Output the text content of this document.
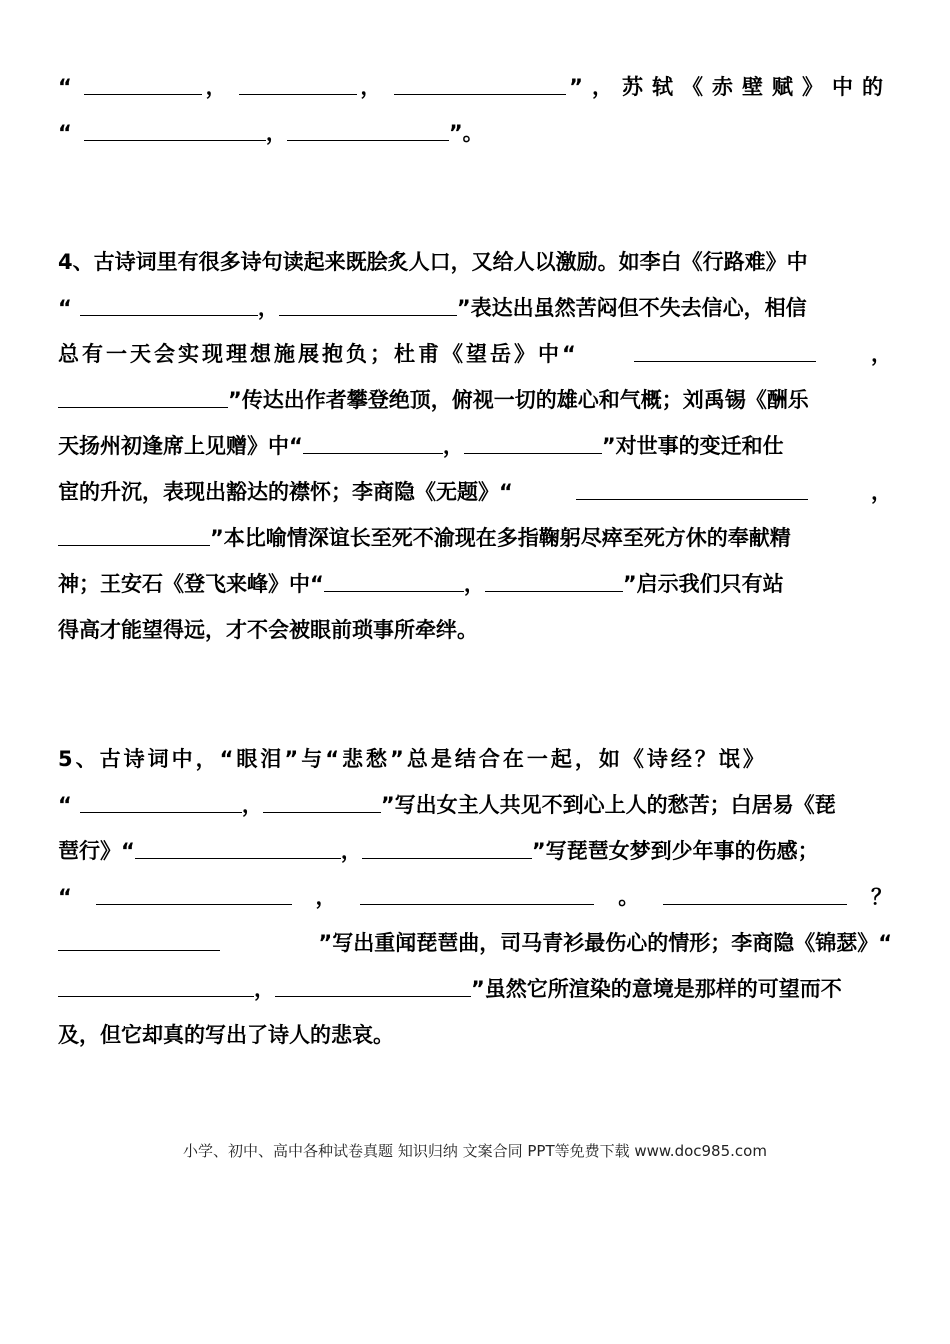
“	，	，	”，苏轼《赤壁赋》中的
“	，	”。
4、古诗词里有很多诗句读起来既脍炙人口，又给人以激励。如李白《行路难》中
“	，	”表达出虽然苦闷但不失去信心，相信
总有一天会实现理想施展抱负；杜甫《望岳》中“	，
”传达出作者攀登绝顶，俯视一切的雄心和气概；刘禹锡《酬乐
天扬州初逢席上见赠》中“	，	”对世事的变迁和仕
宦的升沉，表现出豁达的襟怀；李商隐《无题》“	，
”本比喻情深谊长至死不渝现在多指鞠躬尽瘁至死方休的奉献精
神；王安石《登飞来峰》中“	，	”启示我们只有站
得高才能望得远，才不会被眼前琐事所牵绊。
5、古诗词中，“眼泪”与“悲愁”总是结合在一起，如《诗经？氓》
“	，	”写出女主人共见不到心上人的愁苦；白居易《琵
琶行》“	，	”写琵琶女梦到少年事的伤感；
“	，	。	？
”写出重闻琵琶曲，司马青衫最伤心的情形；李商隐《锦瑟》“
，	”虽然它所渲染的意境是那样的可望而不
及，但它却真的写出了诗人的悲哀。
小学、初中、高中各种试卷真题 知识归纳 文案合同 PPT等免费下载 www.doc985.com
